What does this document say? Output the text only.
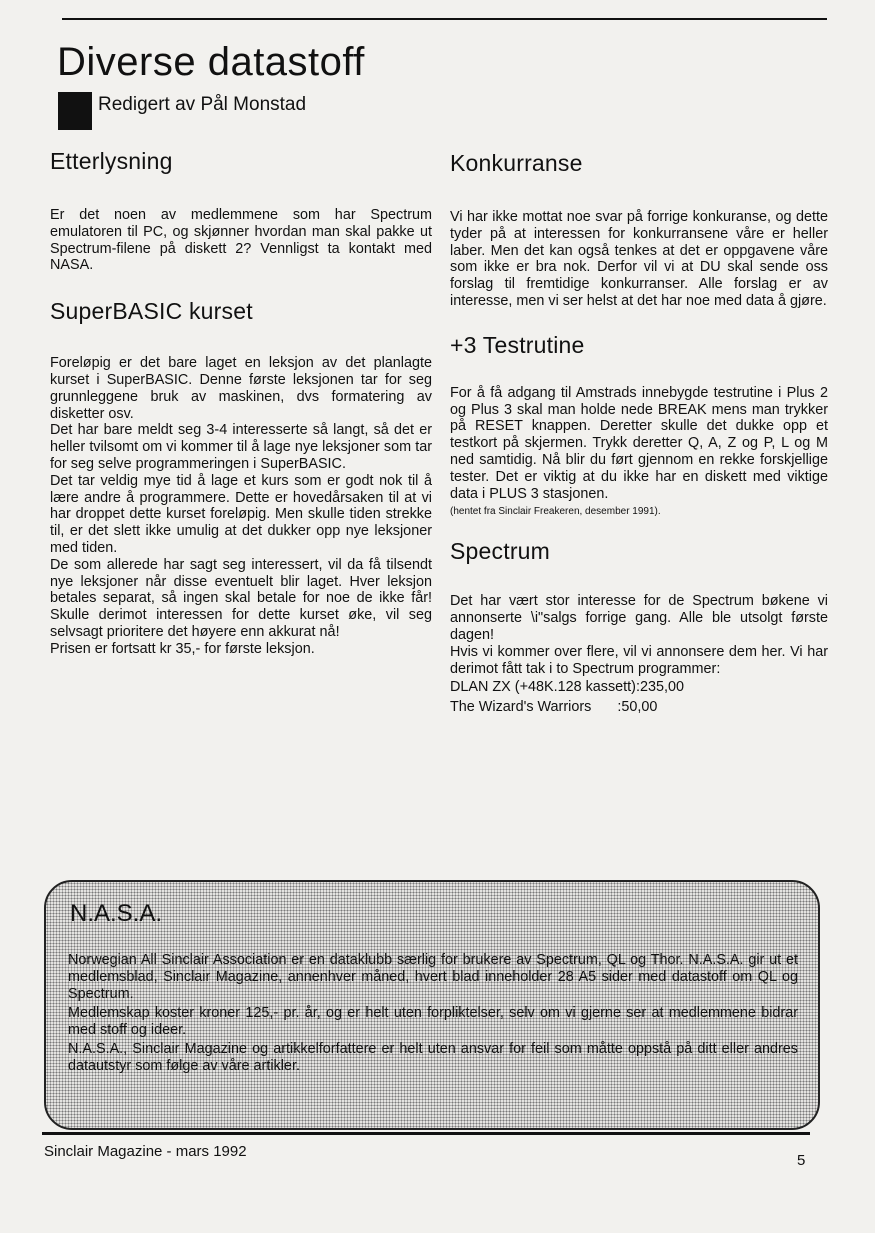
Diverse datastoff
Redigert av Pål Monstad
Etterlysning

Er det noen av medlemmene som har Spectrum emulatoren til PC, og skjønner hvordan man skal pakke ut Spectrum-filene på diskett 2? Vennligst ta kontakt med NASA.

SuperBASIC kurset

Foreløpig er det bare laget en leksjon av det planlagte kurset i SuperBASIC. Denne første leksjonen tar for seg grunnleggene bruk av maskinen, dvs formatering av disketter osv.

Det har bare meldt seg 3-4 interesserte så langt, så det er heller tvilsomt om vi kommer til å lage nye leksjoner som tar for seg selve programmeringen i SuperBASIC.

Det tar veldig mye tid å lage et kurs som er godt nok til å lære andre å programmere. Dette er hovedårsaken til at vi har droppet dette kurset foreløpig. Men skulle tiden strekke til, er det slett ikke umulig at det dukker opp nye leksjoner med tiden.

De som allerede har sagt seg interessert, vil da få tilsendt nye leksjoner når disse eventuelt blir laget. Hver leksjon betales separat, så ingen skal betale for noe de ikke får! Skulle derimot interessen for dette kurset øke, vil seg selvsagt prioritere det høyere enn akkurat nå!

Prisen er fortsatt kr 35,- for første leksjon.

Konkurranse

Vi har ikke mottat noe svar på forrige konkuranse, og dette tyder på at interessen for konkurransene våre er heller laber. Men det kan også tenkes at det er oppgavene våre som ikke er bra nok. Derfor vil vi at DU skal sende oss forslag til fremtidige konkurranser. Alle forslag er av interesse, men vi ser helst at det har noe med data å gjøre.

+3 Testrutine

For å få adgang til Amstrads innebygde testrutine i Plus 2 og Plus 3 skal man holde nede BREAK mens man trykker på RESET knappen. Deretter skulle det dukke opp et testkort på skjermen. Trykk deretter Q, A, Z og P, L og M ned samtidig. Nå blir du ført gjennom en rekke forskjellige tester. Det er viktig at du ikke har en diskett med viktige data i PLUS 3 stasjonen.

(hentet fra Sinclair Freakeren, desember 1991).

Spectrum

Det har vært stor interesse for de Spectrum bøkene vi annonserte \i"salgs forrige gang. Alle ble utsolgt første dagen!

Hvis vi kommer over flere, vil vi annonsere dem her. Vi har derimot fått tak i to Spectrum programmer:

DLAN ZX (+48K.128 kassett):235,00
The Wizard's Warriors :50,00
N.A.S.A.

Norwegian All Sinclair Association er en dataklubb særlig for brukere av Spectrum, QL og Thor. N.A.S.A. gir ut et medlemsblad, Sinclair Magazine, annenhver måned, hvert blad inneholder 28 A5 sider med datastoff om QL og Spectrum.

Medlemskap koster kroner 125,- pr. år, og er helt uten forpliktelser, selv om vi gjerne ser at medlemmene bidrar med stoff og ideer.

N.A.S.A., Sinclair Magazine og artikkelforfattere er helt uten ansvar for feil som måtte oppstå på ditt eller andres datautstyr som følge av våre artikler.

Sinclair Magazine - mars 1992
5
